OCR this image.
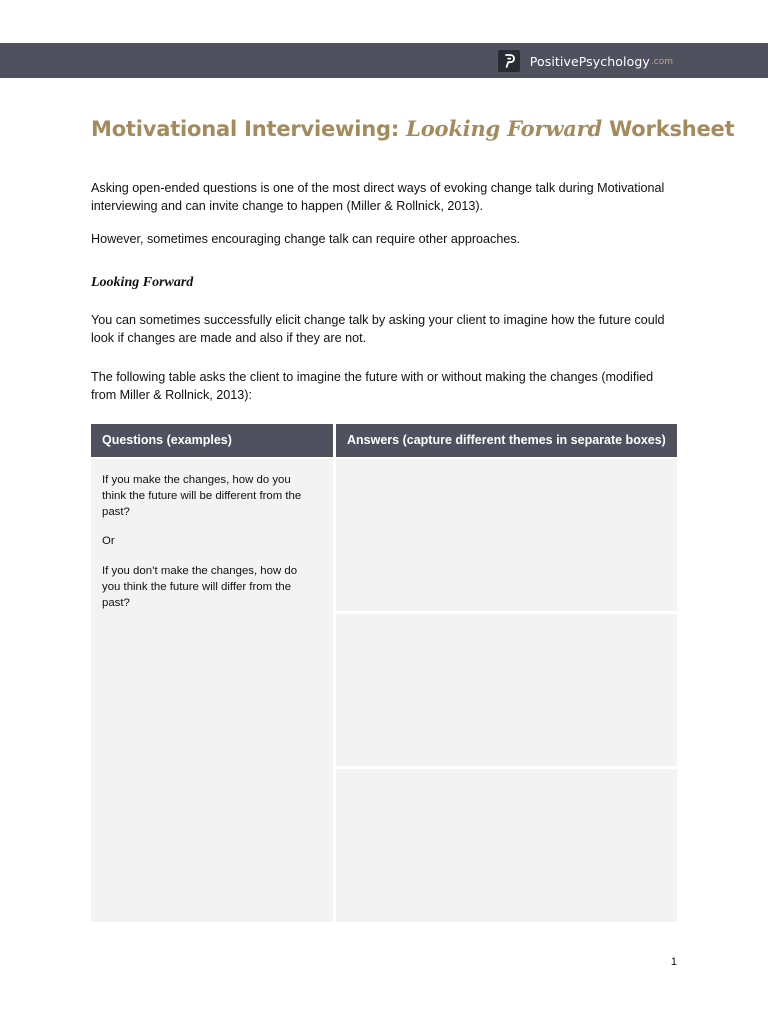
PositivePsychology .com
Motivational Interviewing: Looking Forward Worksheet

Asking open-ended questions is one of the most direct ways of evoking change talk during Motivational interviewing and can invite change to happen (Miller & Rollnick, 2013).

However, sometimes encouraging change talk can require other approaches.

Looking Forward

You can sometimes successfully elicit change talk by asking your client to imagine how the future could look if changes are made and also if they are not.

The following table asks the client to imagine the future with or without making the changes (modified from Miller & Rollnick, 2013):

Questions (examples)	Answers (capture different themes in separate boxes)

If you make the changes, how do you think the future will be different from the past?

Or

If you don’t make the changes, how do you think the future will differ from the past?

1
